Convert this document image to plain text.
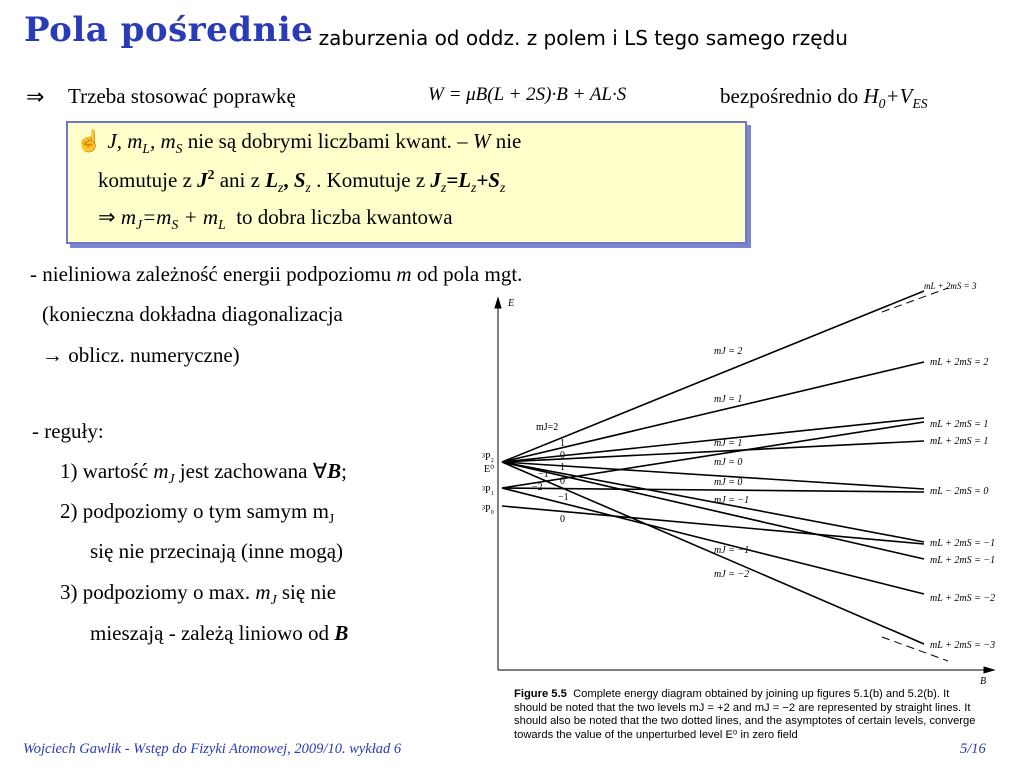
Pola pośrednie
- zaburzenia od oddz. z polem i LS tego samego rzędu
⇒ Trzeba stosować poprawkę	W = μB(L + 2S)·B + AL·S	bezpośrednio do $H_0+V_{ES}$
☝ J, $m_L$, $m_S$ nie są dobrymi liczbami kwant. – W nie
komutuje z $J^2$ ani z $L_z$, $S_z$ . Komutuje z $J_z=L_z+S_z$
⇒ $m_J=m_S + m_L$ to dobra liczba kwantowa
- nieliniowa zależność energii podpoziomu m od pola mgt.
(konieczna dokładna diagonalizacja
→ oblicz. numeryczne)
- reguły:
1) wartość $m_J$ jest zachowana ∀B;
2) podpoziomy o tym samym $m_J$
się nie przecinają (inne mogą)
3) podpoziomy o max. $m_J$ się nie
mieszają - zależą liniowo od B
E
B
³P₂
E⁰
³P₁
³P₀
mJ=2
1
0
1
−1
−2
0
−1
0
mJ = 2
mJ = 1
mJ = 1
mJ = 0
mJ = 0
mJ = −1
mJ = −1
mJ = −2
mL + 2mS = 3
mL + 2mS = 2
mL + 2mS = 1
mL + 2mS = 1
mL − 2mS = 0
mL + 2mS = −1
mL + 2mS = −1
mL + 2mS = −2
mL + 2mS = −3
Figure 5.5 Complete energy diagram obtained by joining up figures 5.1(b) and 5.2(b). It should be noted that the two levels mJ = +2 and mJ = −2 are represented by straight lines. It should also be noted that the two dotted lines, and the asymptotes of certain levels, converge towards the value of the unperturbed level E⁰ in zero field
Wojciech Gawlik - Wstęp do Fizyki Atomowej, 2009/10. wykład 6	5/16
